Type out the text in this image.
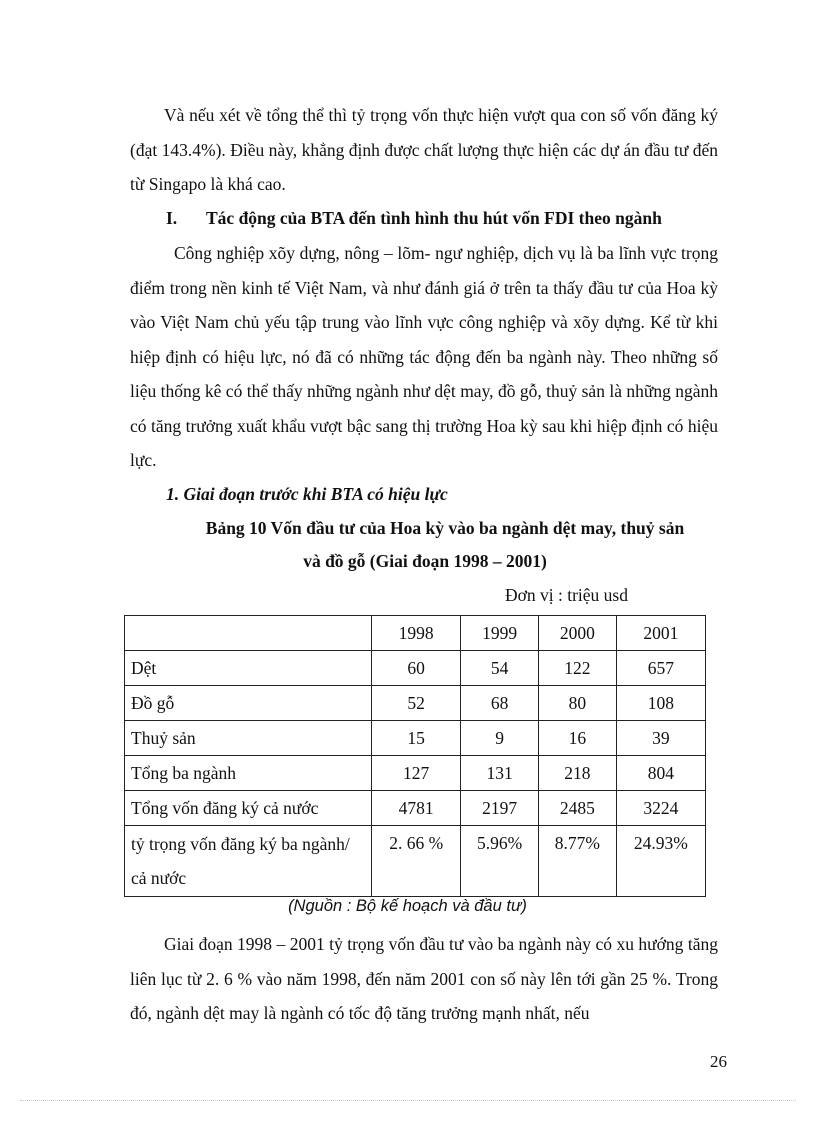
Và nếu xét về tổng thể thì tỷ trọng vốn thực hiện vượt qua con số vốn đăng ký (đạt 143.4%). Điều này, khẳng định được chất lượng thực hiện các dự án đầu tư đến từ Singapo là khá cao.

I. Tác động của BTA đến tình hình thu hút vốn FDI theo ngành

Công nghiệp xõy dựng, nông – lõm- ngư nghiệp, dịch vụ là ba lĩnh vực trọng điểm trong nền kinh tế Việt Nam, và như đánh giá ở trên ta thấy đầu tư của Hoa kỳ vào Việt Nam chủ yếu tập trung vào lĩnh vực công nghiệp và xõy dựng. Kể từ khi hiệp định có hiệu lực, nó đã có những tác động đến ba ngành này. Theo những số liệu thống kê có thể thấy những ngành như dệt may, đồ gỗ, thuỷ sản là những ngành có tăng trưởng xuất khẩu vượt bậc sang thị trường Hoa kỳ sau khi hiệp định có hiệu lực.

1. Giai đoạn trước khi BTA có hiệu lực
Bảng 10 Vốn đầu tư của Hoa kỳ vào ba ngành dệt may, thuỷ sản
và đồ gỗ (Giai đoạn 1998 – 2001)
Đơn vị : triệu usd
	1998	1999	2000	2001
Dệt	60	54	122	657
Đồ gỗ	52	68	80	108
Thuỷ sản	15	9	16	39
Tổng ba ngành	127	131	218	804
Tổng vốn đăng ký cả nước	4781	2197	2485	3224
tỷ trọng vốn đăng ký ba ngành/ cả nước	2. 66 %	5.96%	8.77%	24.93%
(Nguồn : Bộ kế hoạch và đầu tư)

Giai đoạn 1998 – 2001 tỷ trọng vốn đầu tư vào ba ngành này có xu hướng tăng liên lục từ 2. 6 % vào năm 1998, đến năm 2001 con số này lên tới gần 25 %. Trong đó, ngành dệt may là ngành có tốc độ tăng trưởng mạnh nhất, nếu

26
